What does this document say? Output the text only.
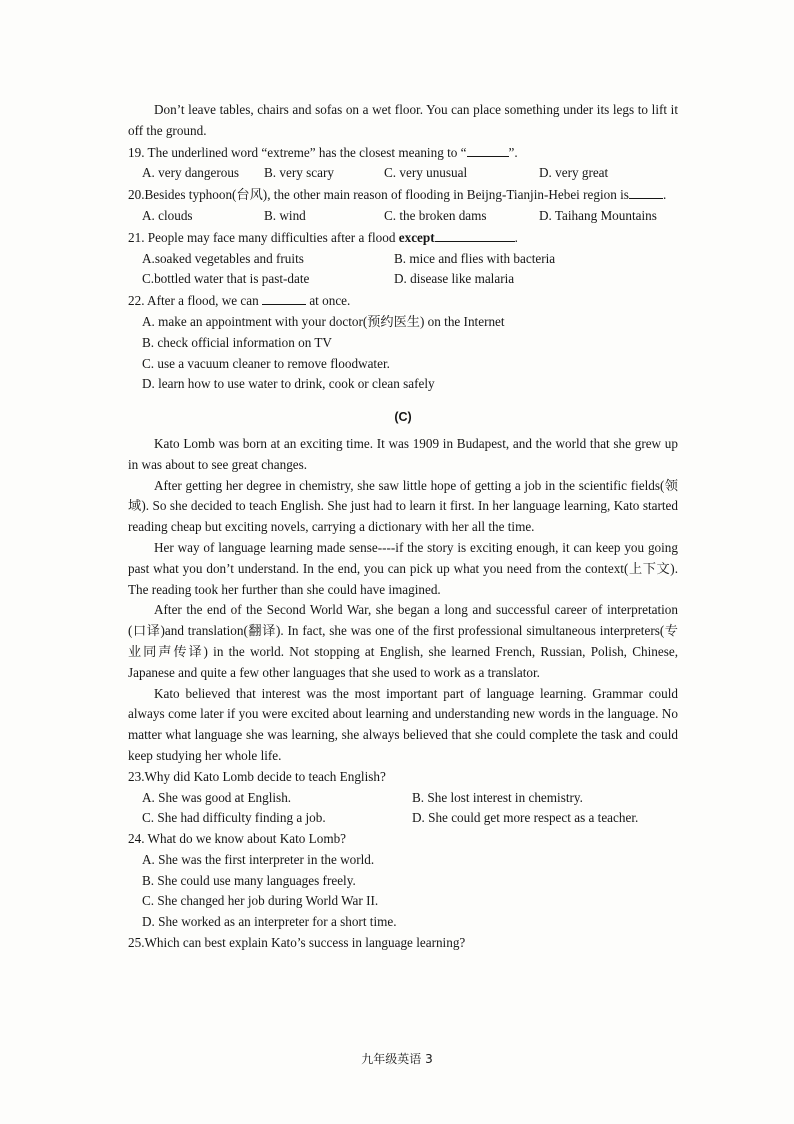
Don’t leave tables, chairs and sofas on a wet floor. You can place something under its legs to lift it off the ground.

19. The underlined word “extreme” has the closest meaning to “	”.

A. very dangerous	B. very scary	C. very unusual	D. very great

20.Besides typhoon(台风), the other main reason of flooding in Beijng-Tianjin-Hebei region is	.

A. clouds	B. wind	C. the broken dams	D. Taihang Mountains

21. People may face many difficulties after a flood except	.

A.soaked vegetables and fruits	B. mice and flies with bacteria
C.bottled water that is past-date	D. disease like malaria

22. After a flood, we can	at once.

A. make an appointment with your doctor(预约医生) on the Internet

B. check official information on TV

C. use a vacuum cleaner to remove floodwater.

D. learn how to use water to drink, cook or clean safely

(C)

Kato Lomb was born at an exciting time. It was 1909 in Budapest, and the world that she grew up in was about to see great changes.

After getting her degree in chemistry, she saw little hope of getting a job in the scientific fields(领域). So she decided to teach English. She just had to learn it first. In her language learning, Kato started reading cheap but exciting novels, carrying a dictionary with her all the time.

Her way of language learning made sense----if the story is exciting enough, it can keep you going past what you don’t understand. In the end, you can pick up what you need from the context(上下文). The reading took her further than she could have imagined.

After the end of the Second World War, she began a long and successful career of interpretation (口译)and translation(翻译). In fact, she was one of the first professional simultaneous interpreters(专业同声传译) in the world. Not stopping at English, she learned French, Russian, Polish, Chinese, Japanese and quite a few other languages that she used to work as a translator.

Kato believed that interest was the most important part of language learning. Grammar could always come later if you were excited about learning and understanding new words in the language. No matter what language she was learning, she always believed that she could complete the task and could keep studying her whole life.

23.Why did Kato Lomb decide to teach English?

A. She was good at English.	B. She lost interest in chemistry.
C. She had difficulty finding a job.	D. She could get more respect as a teacher.

24. What do we know about Kato Lomb?

A. She was the first interpreter in the world.

B. She could use many languages freely.

C. She changed her job during World War II.

D. She worked as an interpreter for a short time.

25.Which can best explain Kato’s success in language learning?

九年级英语 3
